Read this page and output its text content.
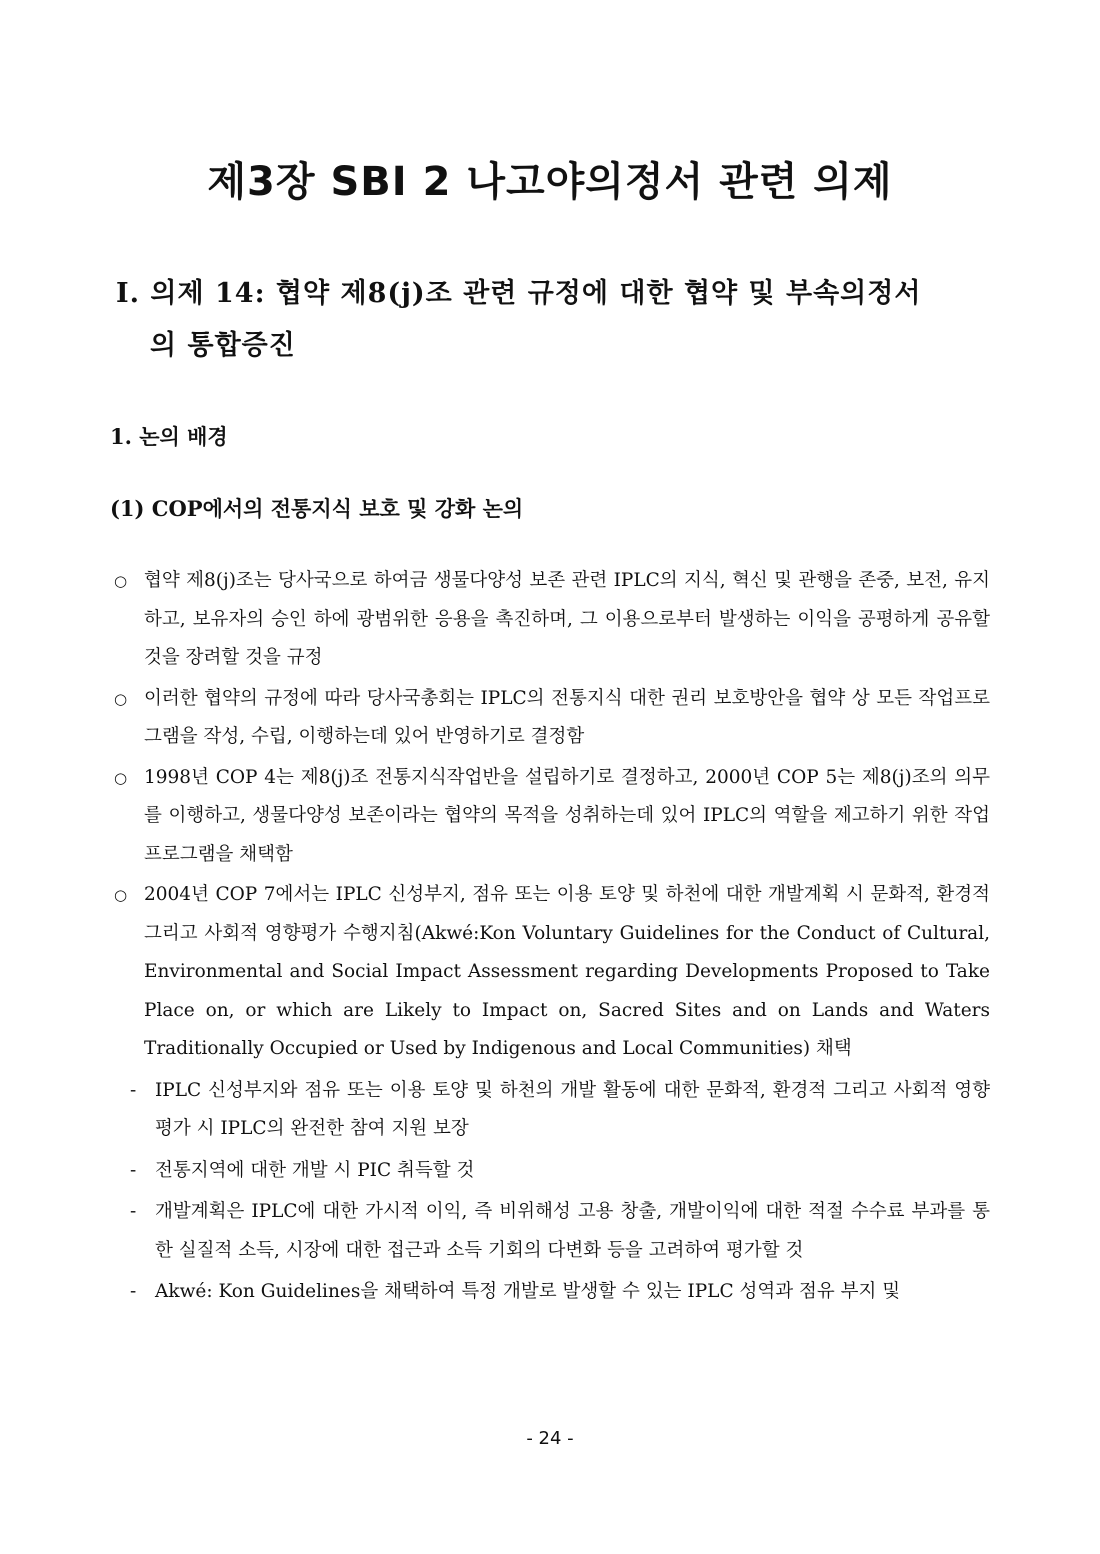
제3장 SBI 2 나고야의정서 관련 의제
I. 의제 14: 협약 제8(j)조 관련 규정에 대한 협약 및 부속의정서
의 통합증진
1. 논의 배경
(1) COP에서의 전통지식 보호 및 강화 논의

○ 협약 제8(j)조는 당사국으로 하여금 생물다양성 보존 관련 IPLC의 지식, 혁신 및 관행을 존중, 보전, 유지하고, 보유자의 승인 하에 광범위한 응용을 촉진하며, 그 이용으로부터 발생하는 이익을 공평하게 공유할 것을 장려할 것을 규정

○ 이러한 협약의 규정에 따라 당사국총회는 IPLC의 전통지식 대한 권리 보호방안을 협약 상 모든 작업프로그램을 작성, 수립, 이행하는데 있어 반영하기로 결정함

○ 1998년 COP 4는 제8(j)조 전통지식작업반을 설립하기로 결정하고, 2000년 COP 5는 제8(j)조의 의무를 이행하고, 생물다양성 보존이라는 협약의 목적을 성취하는데 있어 IPLC의 역할을 제고하기 위한 작업프로그램을 채택함

○ 2004년 COP 7에서는 IPLC 신성부지, 점유 또는 이용 토양 및 하천에 대한 개발계획 시 문화적, 환경적 그리고 사회적 영향평가 수행지침(Akwé:Kon Voluntary Guidelines for the Conduct of Cultural, Environmental and Social Impact Assessment regarding Developments Proposed to Take Place on, or which are Likely to Impact on, Sacred Sites and on Lands and Waters Traditionally Occupied or Used by Indigenous and Local Communities) 채택

- IPLC 신성부지와 점유 또는 이용 토양 및 하천의 개발 활동에 대한 문화적, 환경적 그리고 사회적 영향평가 시 IPLC의 완전한 참여 지원 보장

- 전통지역에 대한 개발 시 PIC 취득할 것

- 개발계획은 IPLC에 대한 가시적 이익, 즉 비위해성 고용 창출, 개발이익에 대한 적절 수수료 부과를 통한 실질적 소득, 시장에 대한 접근과 소득 기회의 다변화 등을 고려하여 평가할 것

- Akwé: Kon Guidelines을 채택하여 특정 개발로 발생할 수 있는 IPLC 성역과 점유 부지 및

- 24 -
